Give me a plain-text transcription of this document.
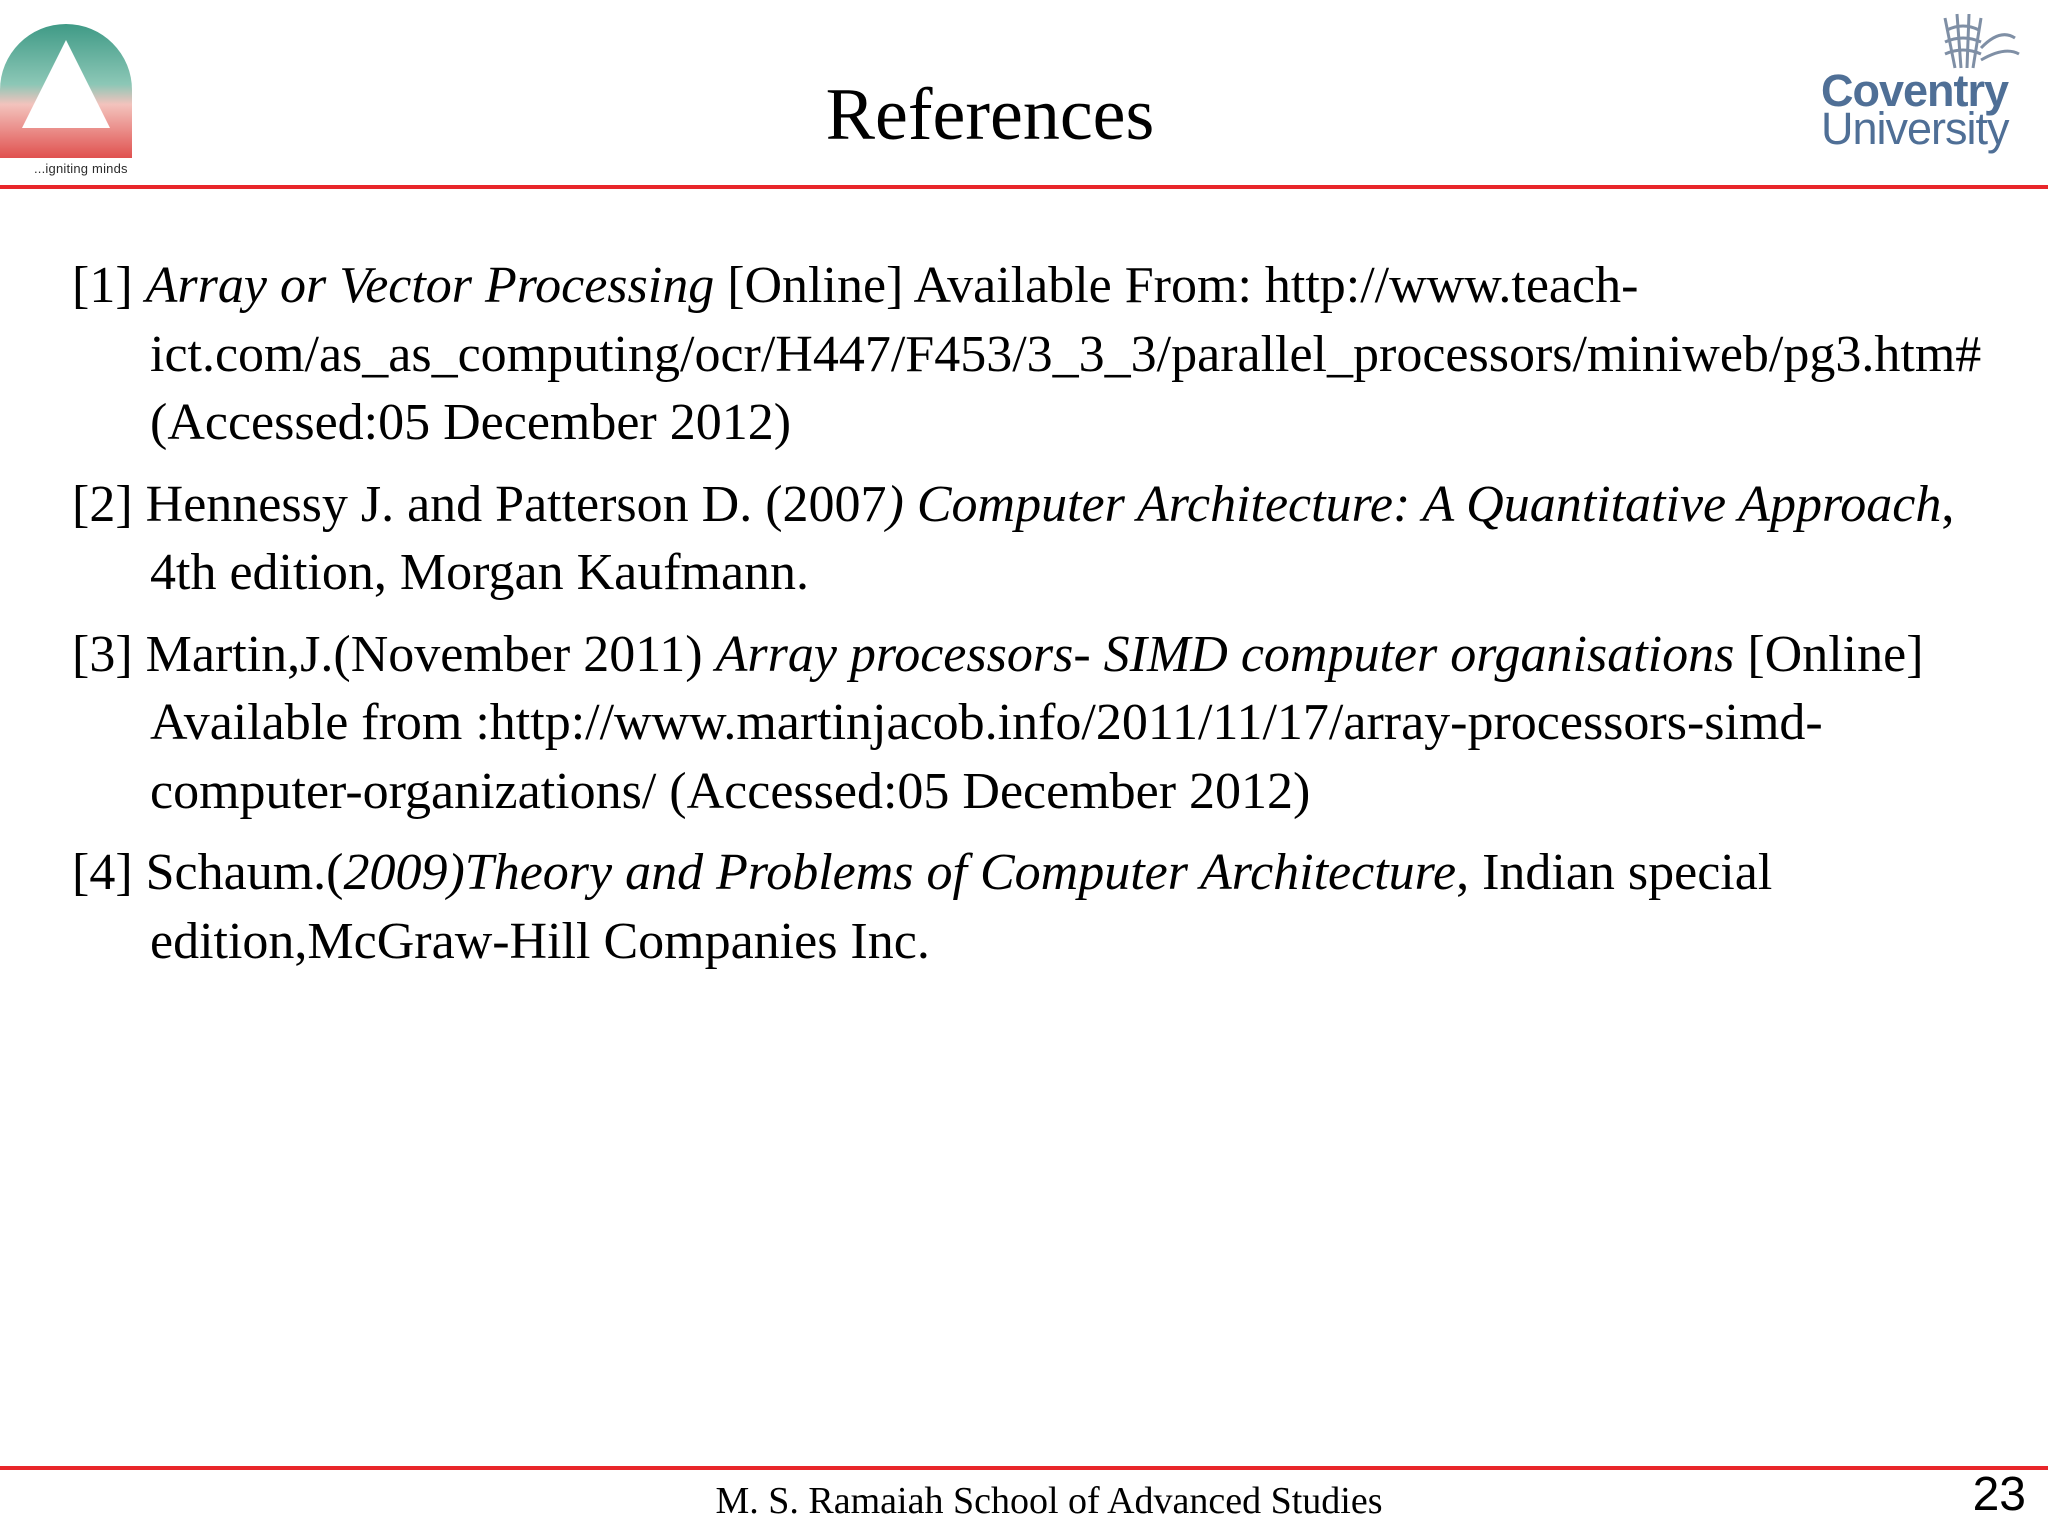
...igniting minds
Coventry
University
References
[1] Array or Vector Processing [Online] Available From: http://www.teach-ict.com/as_as_computing/ocr/H447/F453/3_3_3/parallel_processors/miniweb/pg3.htm# (Accessed:05 December 2012)
[2] Hennessy J. and Patterson D. (2007) Computer Architecture: A Quantitative Approach, 4th edition, Morgan Kaufmann.
[3] Martin,J.(November 2011) Array processors- SIMD computer organisations [Online] Available from :http://www.martinjacob.info/2011/11/17/array-processors-simd-computer-organizations/ (Accessed:05 December 2012)
[4] Schaum.(2009)Theory and Problems of Computer Architecture, Indian special edition,McGraw-Hill Companies Inc.
M. S. Ramaiah School of Advanced Studies	23
